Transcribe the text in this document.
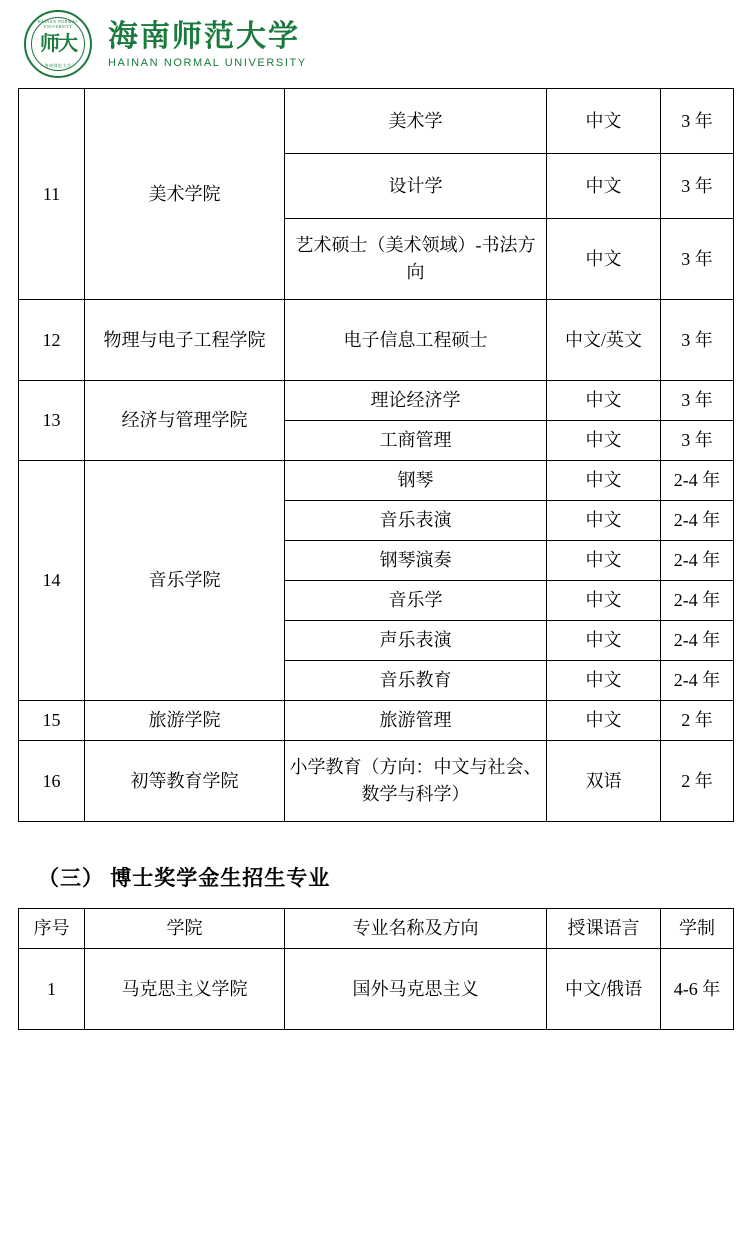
HAINAN NORMAL UNIVERSITY
师大
海南师范大学
海南师范大学
HAINAN NORMAL UNIVERSITY
11	美术学院	美术学	中文	3 年
		设计学	中文	3 年
		艺术硕士（美术领域）-书法方向	中文	3 年
12	物理与电子工程学院	电子信息工程硕士	中文/英文	3 年
13	经济与管理学院	理论经济学	中文	3 年
		工商管理	中文	3 年
14	音乐学院	钢琴	中文	2-4 年
		音乐表演	中文	2-4 年
		钢琴演奏	中文	2-4 年
		音乐学	中文	2-4 年
		声乐表演	中文	2-4 年
		音乐教育	中文	2-4 年
15	旅游学院	旅游管理	中文	2 年
16	初等教育学院	小学教育（方向：中文与社会、数学与科学）	双语	2 年
（三） 博士奖学金生招生专业
序号	学院	专业名称及方向	授课语言	学制
1	马克思主义学院	国外马克思主义	中文/俄语	4-6 年
